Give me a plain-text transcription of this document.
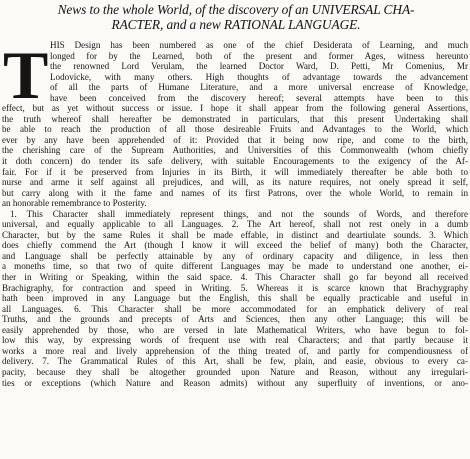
News to the whole World, of the discovery of an UNIVERSAL CHA-
RACTER, and a new RATIONAL LANGUAGE.
T HIS Design has been numbered as one of the chief Desiderata of Learning, and much
longed for by the Learned, both of the present and former Ages, witness hereunto
the renowned Lord Verulam, the learned Doctor Ward, D. Petti, Mr Comenius, Mr
Lodovicke, with many others. High thoughts of advantage towards the advancement
of all the parts of Humane Literature, and a more universal encrease of Knowledge,
have been conceived from the discovery hereof; several attempts have been to this
effect, but as yet without success or issue. I hope it shall appear from the following general Assertions,
the truth whereof shall hereafter be demonstrated in particulars, that this present Undertaking shall
be able to reach the production of all those desireable Fruits and Advantages to the World, which
ever by any have been apprehended of it: Provided that it being now ripe, and come to the birth,
the cherishing care of the Supream Authorities, and Universities of this Commonwealth (whom chiefly
it doth concern) do tender its safe delivery, with suitable Encouragements to the exigency of the Af-
fair. For if it be preserved from Injuries in its Birth, it will immediately thereafter be able both to
nurse and arme it self against all prejudices, and will, as its nature requires, not onely spread it self,
but carry along with it the fame and names of its first Patrons, over the whole World, to remain in
an honorable remembrance to Posterity.
1. This Character shall immediately represent things, and not the sounds of Words, and therefore
universal, and equally applicable to all Languages. 2. The Art hereof, shall not rest onely in a dumb
Character, but by the same Rules it shall be made effable, in distinct and deartiulate sounds. 3. Which
does chiefly commend the Art (though I know it will exceed the belief of many) both the Character,
and Language shall be perfectly attainable by any of ordinary capacity and diligence, in less then
a moneths time, so that two of quite different Languages may be made to understand one another, ei-
ther in Writing or Speaking, within the said space. 4. This Character shall go far beyond all received
Brachigraphy, for contraction and speed in Writing. 5. Whereas it is scarce known that Brachygraphy
hath been improved in any Language but the English, this shall be equally practicable and useful in
all Languages. 6. This Character shall be more accommodated for an emphatick delivery of real
Truths, and the grounds and precepts of Arts and Sciences, then any other Language; this will be
easily apprehended by those, who are versed in late Mathematical Writers, who have begun to fol-
low this way, by expressing words of frequent use with real Characters; and that partly because it
works a more real and lively apprehension of the thing treated of, and partly for compendiousness of
delivery. 7. The Grammatical Rules of this Art, shall be few, plain, and easie, obvious to every ca-
pacity, because they shall be altogether grounded upon Nature and Reason, without any irregulari-
ties or exceptions (which Nature and Reason admits) without any superfluity of inventions, or ano-
